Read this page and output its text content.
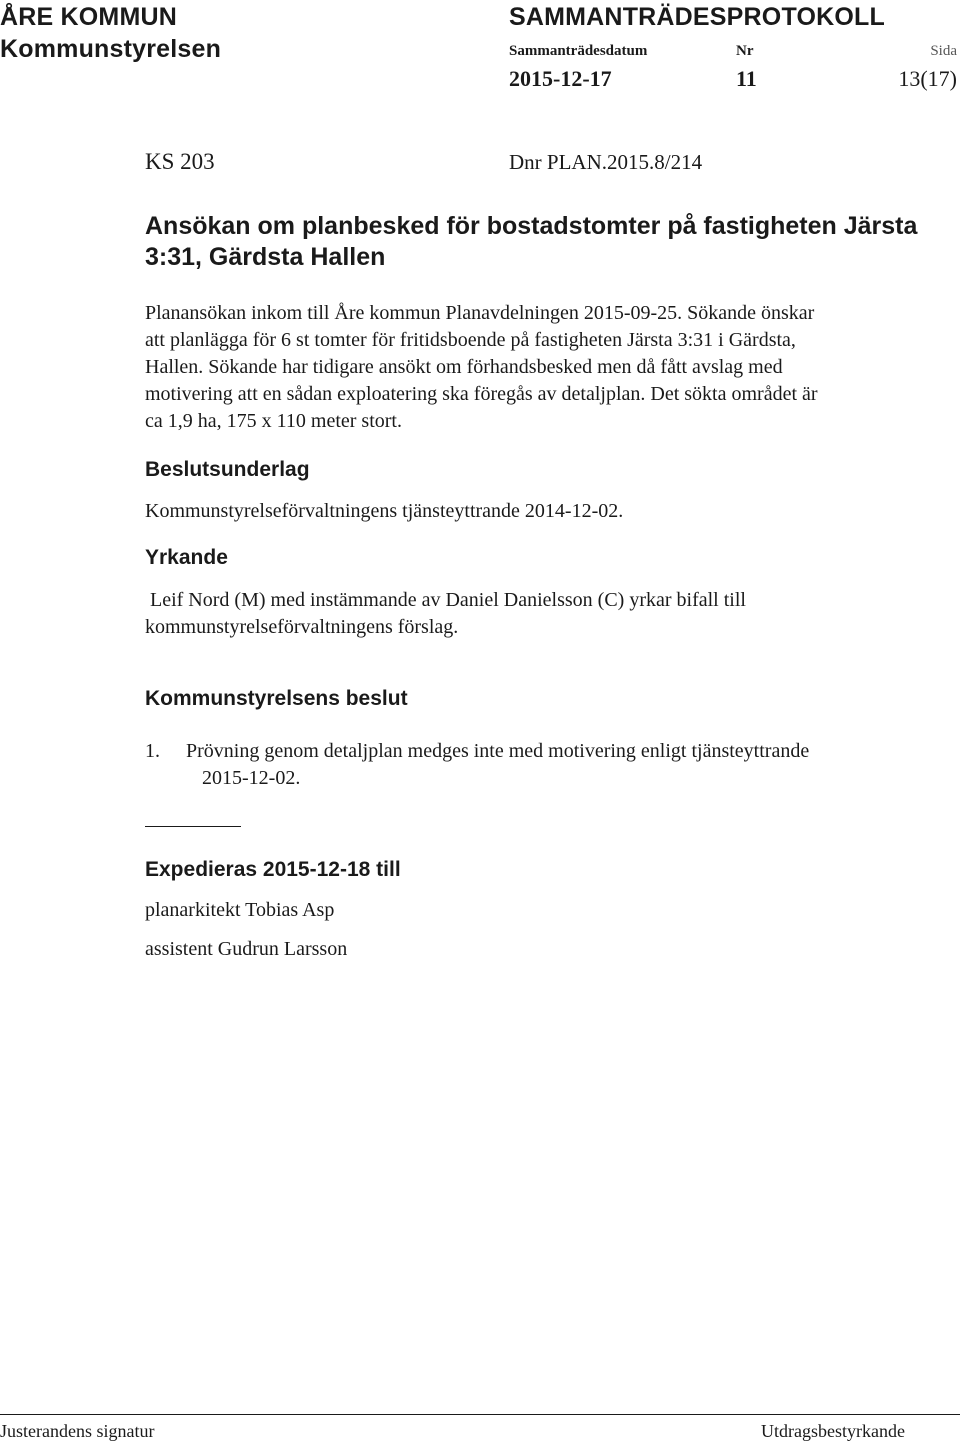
ÅRE KOMMUN
Kommunstyrelsen
SAMMANTRÄDESPROTOKOLL
Sammanträdesdatum	Nr	Sida
2015-12-17	11	13(17)
KS 203	Dnr PLAN.2015.8/214
Ansökan om planbesked för bostadstomter på fastigheten Järsta 3:31, Gärdsta Hallen
Planansökan inkom till Åre kommun Planavdelningen 2015-09-25. Sökande önskar
att planlägga för 6 st tomter för fritidsboende på fastigheten Järsta 3:31 i Gärdsta,
Hallen. Sökande har tidigare ansökt om förhandsbesked men då fått avslag med
motivering att en sådan exploatering ska föregås av detaljplan. Det sökta området är
ca 1,9 ha, 175 x 110 meter stort.
Beslutsunderlag
Kommunstyrelseförvaltningens tjänsteyttrande 2014-12-02.
Yrkande
Leif Nord (M) med instämmande av Daniel Danielsson (C) yrkar bifall till
kommunstyrelseförvaltningens förslag.
Kommunstyrelsens beslut
1. Prövning genom detaljplan medges inte med motivering enligt tjänsteyttrande
2015-12-02.
Expedieras 2015-12-18 till
planarkitekt Tobias Asp
assistent Gudrun Larsson
Justerandens signatur	Utdragsbestyrkande
